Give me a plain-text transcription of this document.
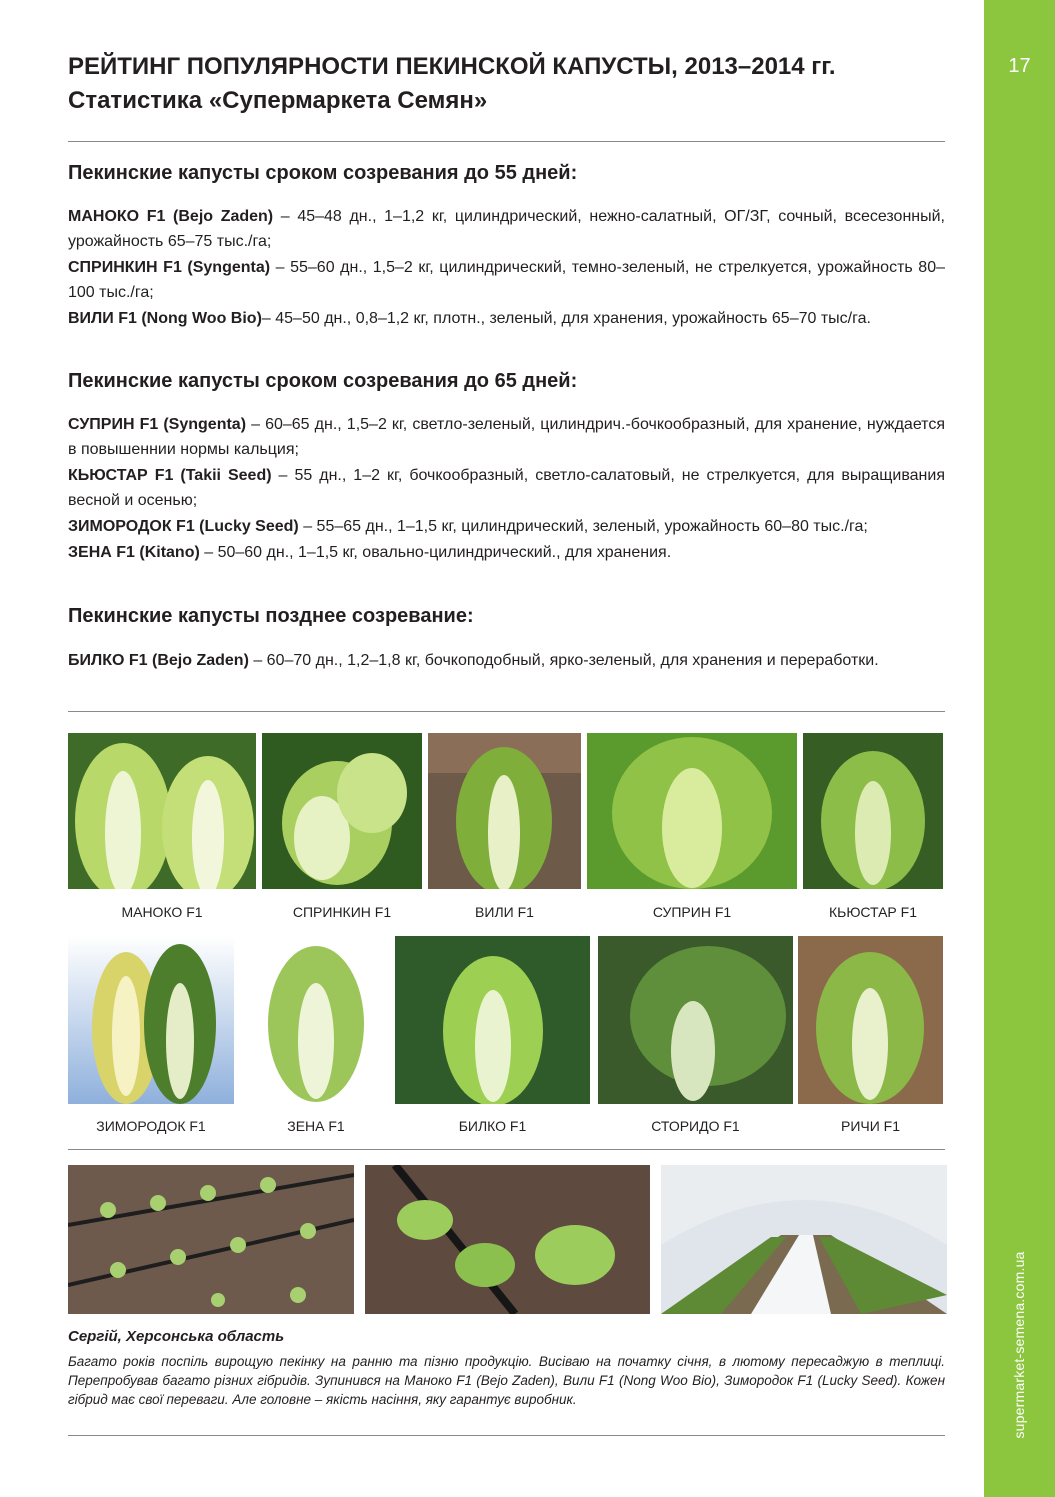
17
supermarket-semena.com.ua
РЕЙТИНГ ПОПУЛЯРНОСТИ ПЕКИНСКОЙ КАПУСТЫ, 2013–2014 гг.
Статистика «Супермаркета Семян»
Пекинские капусты сроком созревания до 55 дней:

МАНОКО F1 (Bejo Zaden) – 45–48 дн., 1–1,2 кг, цилиндрический, нежно-салатный, ОГ/ЗГ, сочный, всесезонный, урожайность 65–75 тыс./га;

СПРИНКИН F1 (Syngenta) – 55–60 дн., 1,5–2 кг, цилиндрический, темно-зеленый, не стрелкуется, урожайность 80–100 тыс./га;

ВИЛИ F1 (Nong Woo Bio)– 45–50 дн., 0,8–1,2 кг, плотн., зеленый, для хранения, урожайность 65–70 тыс/га.

Пекинские капусты сроком созревания до 65 дней:

СУПРИН F1 (Syngenta) – 60–65 дн., 1,5–2 кг, светло-зеленый, цилиндрич.-бочкообразный, для хранение, нуждается в повышеннии нормы кальция;

КЬЮСТАР F1 (Takii Seed) – 55 дн., 1–2 кг, бочкообразный, светло-салатовый, не стрелкуется, для выращивания весной и осенью;

ЗИМОРОДОК F1 (Lucky Seed) – 55–65 дн., 1–1,5 кг, цилиндрический, зеленый, урожайность 60–80 тыс./га;

ЗЕНА F1 (Kitano) – 50–60 дн., 1–1,5 кг, овально-цилиндрический., для хранения.

Пекинские капусты позднее созревание:

БИЛКО F1 (Bejo Zaden) – 60–70 дн., 1,2–1,8 кг, бочкоподобный, ярко-зеленый, для хранения и переработки.

МАНОКО F1	СПРИНКИН F1	ВИЛИ F1	СУПРИН F1	КЬЮСТАР F1
ЗИМОРОДОК F1	ЗЕНА F1	БИЛКО F1	СТОРИДО F1	РИЧИ F1

Сергій, Херсонська область

Багато років поспіль вирощую пекінку на ранню та пізню продукцію. Висіваю на початку січня, в лютому пересаджую в теплиці. Перепробував багато різних гібридів. Зупинився на Маноко F1 (Bejo Zaden), Вили F1 (Nong Woo Bio), Зимородок F1 (Lucky Seed). Кожен гібрид має свої переваги. Але головне – якість насіння, яку гарантує виробник.
